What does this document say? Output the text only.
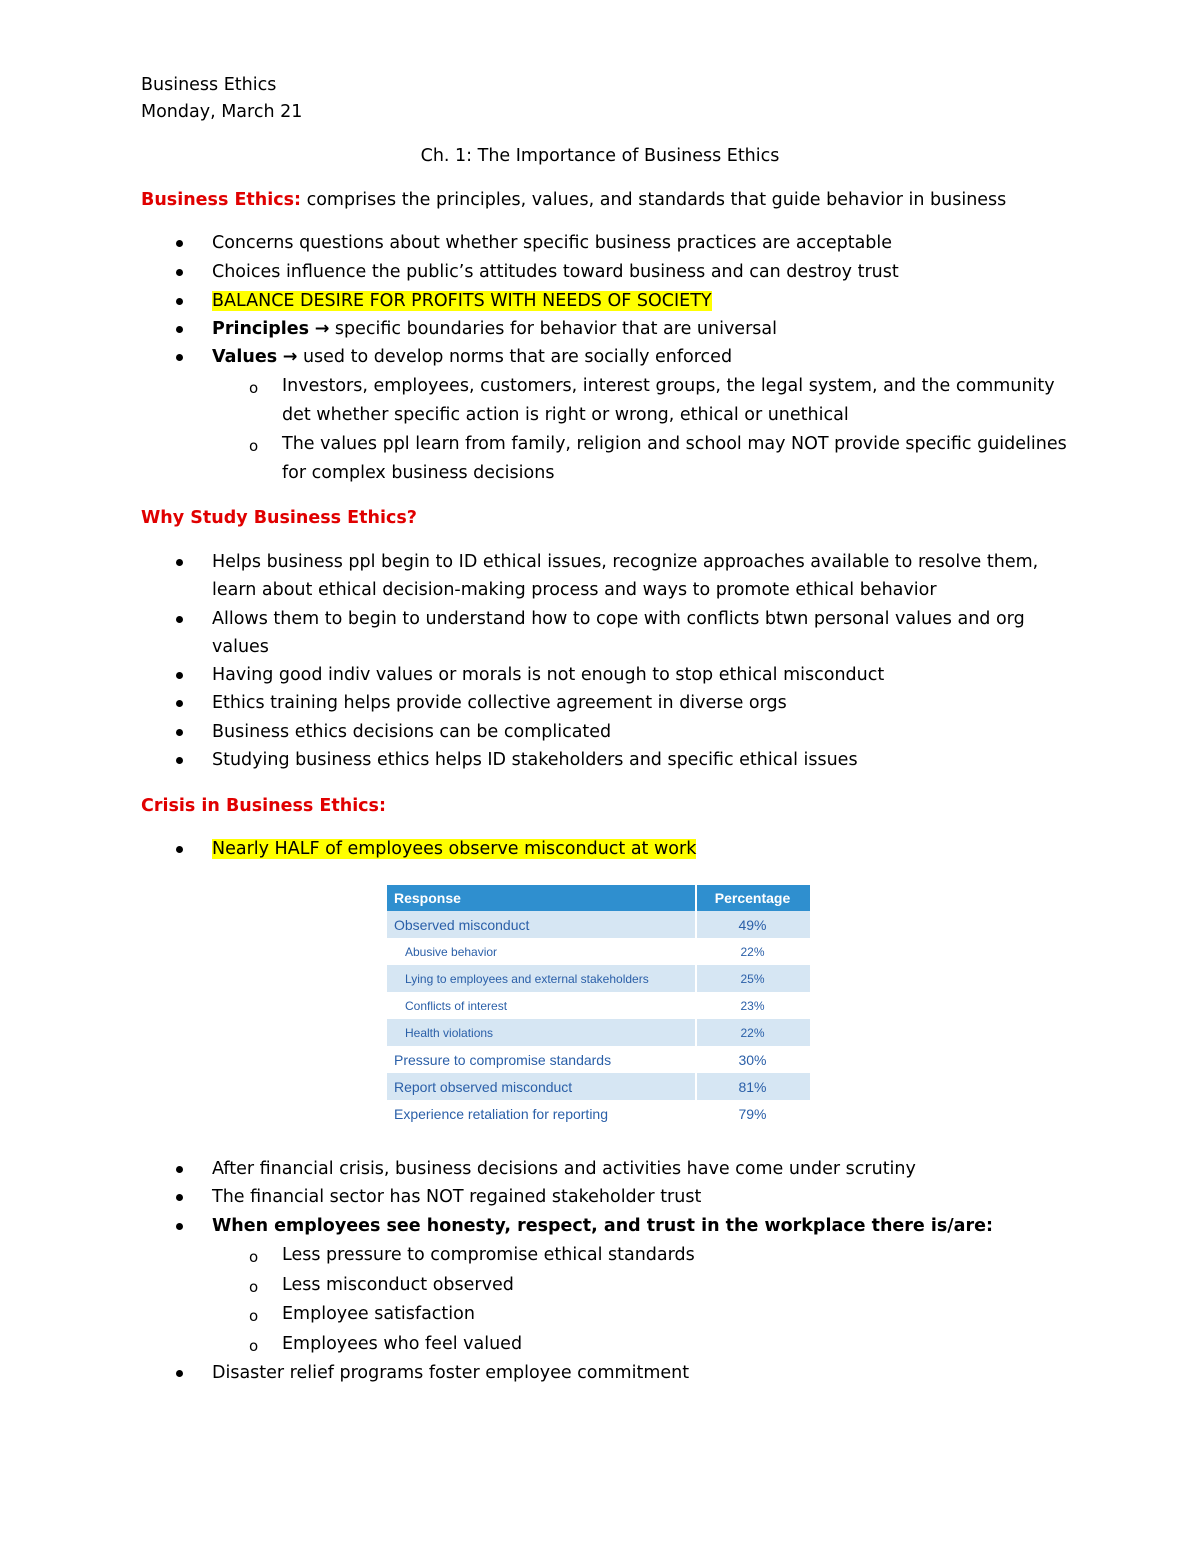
Business Ethics
Monday, March 21
Ch. 1: The Importance of Business Ethics
Business Ethics: comprises the principles, values, and standards that guide behavior in business
Concerns questions about whether specific business practices are acceptable
Choices influence the public’s attitudes toward business and can destroy trust
BALANCE DESIRE FOR PROFITS WITH NEEDS OF SOCIETY
Principles → specific boundaries for behavior that are universal
Values → used to develop norms that are socially enforced
o Investors, employees, customers, interest groups, the legal system, and the community
det whether specific action is right or wrong, ethical or unethical
o The values ppl learn from family, religion and school may NOT provide specific guidelines
for complex business decisions
Why Study Business Ethics?
Helps business ppl begin to ID ethical issues, recognize approaches available to resolve them,
learn about ethical decision-making process and ways to promote ethical behavior
Allows them to begin to understand how to cope with conflicts btwn personal values and org
values
Having good indiv values or morals is not enough to stop ethical misconduct
Ethics training helps provide collective agreement in diverse orgs
Business ethics decisions can be complicated
Studying business ethics helps ID stakeholders and specific ethical issues
Crisis in Business Ethics:
Nearly HALF of employees observe misconduct at work
Response	Percentage
Observed misconduct	49%
Abusive behavior	22%
Lying to employees and external stakeholders	25%
Conflicts of interest	23%
Health violations	22%
Pressure to compromise standards	30%
Report observed misconduct	81%
Experience retaliation for reporting	79%
After financial crisis, business decisions and activities have come under scrutiny
The financial sector has NOT regained stakeholder trust
When employees see honesty, respect, and trust in the workplace there is/are:
o Less pressure to compromise ethical standards
o Less misconduct observed
o Employee satisfaction
o Employees who feel valued
Disaster relief programs foster employee commitment
